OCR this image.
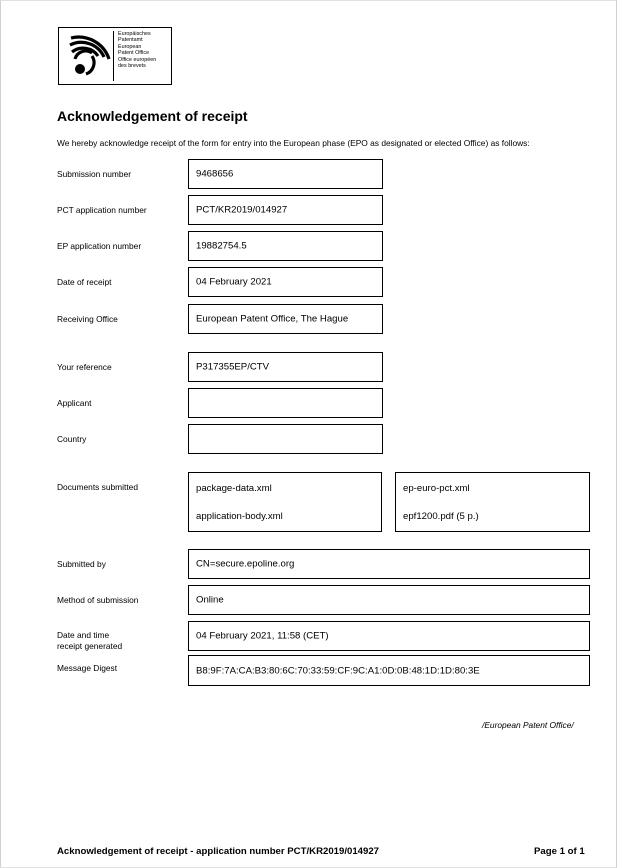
Europäisches
Patentamt
European
Patent Office
Office européen
des brevets
Acknowledgement of receipt
We hereby acknowledge receipt of the form for entry into the European phase (EPO as designated or elected Office) as follows:
Submission number	9468656
PCT application number	PCT/KR2019/014927
EP application number	19882754.5
Date of receipt	04 February 2021
Receiving Office	European Patent Office, The Hague
Your reference	P317355EP/CTV
Applicant
Country
Documents submitted	package-data.xml
application-body.xml
ep-euro-pct.xml
epf1200.pdf (5 p.)
Submitted by	CN=secure.epoline.org
Method of submission	Online
Date and time
receipt generated
04 February 2021, 11:58 (CET)
Message Digest	B8:9F:7A:CA:B3:80:6C:70:33:59:CF:9C:A1:0D:0B:48:1D:1D:80:3E
/European Patent Office/
Acknowledgement of receipt - application number PCT/KR2019/014927	Page 1 of 1
